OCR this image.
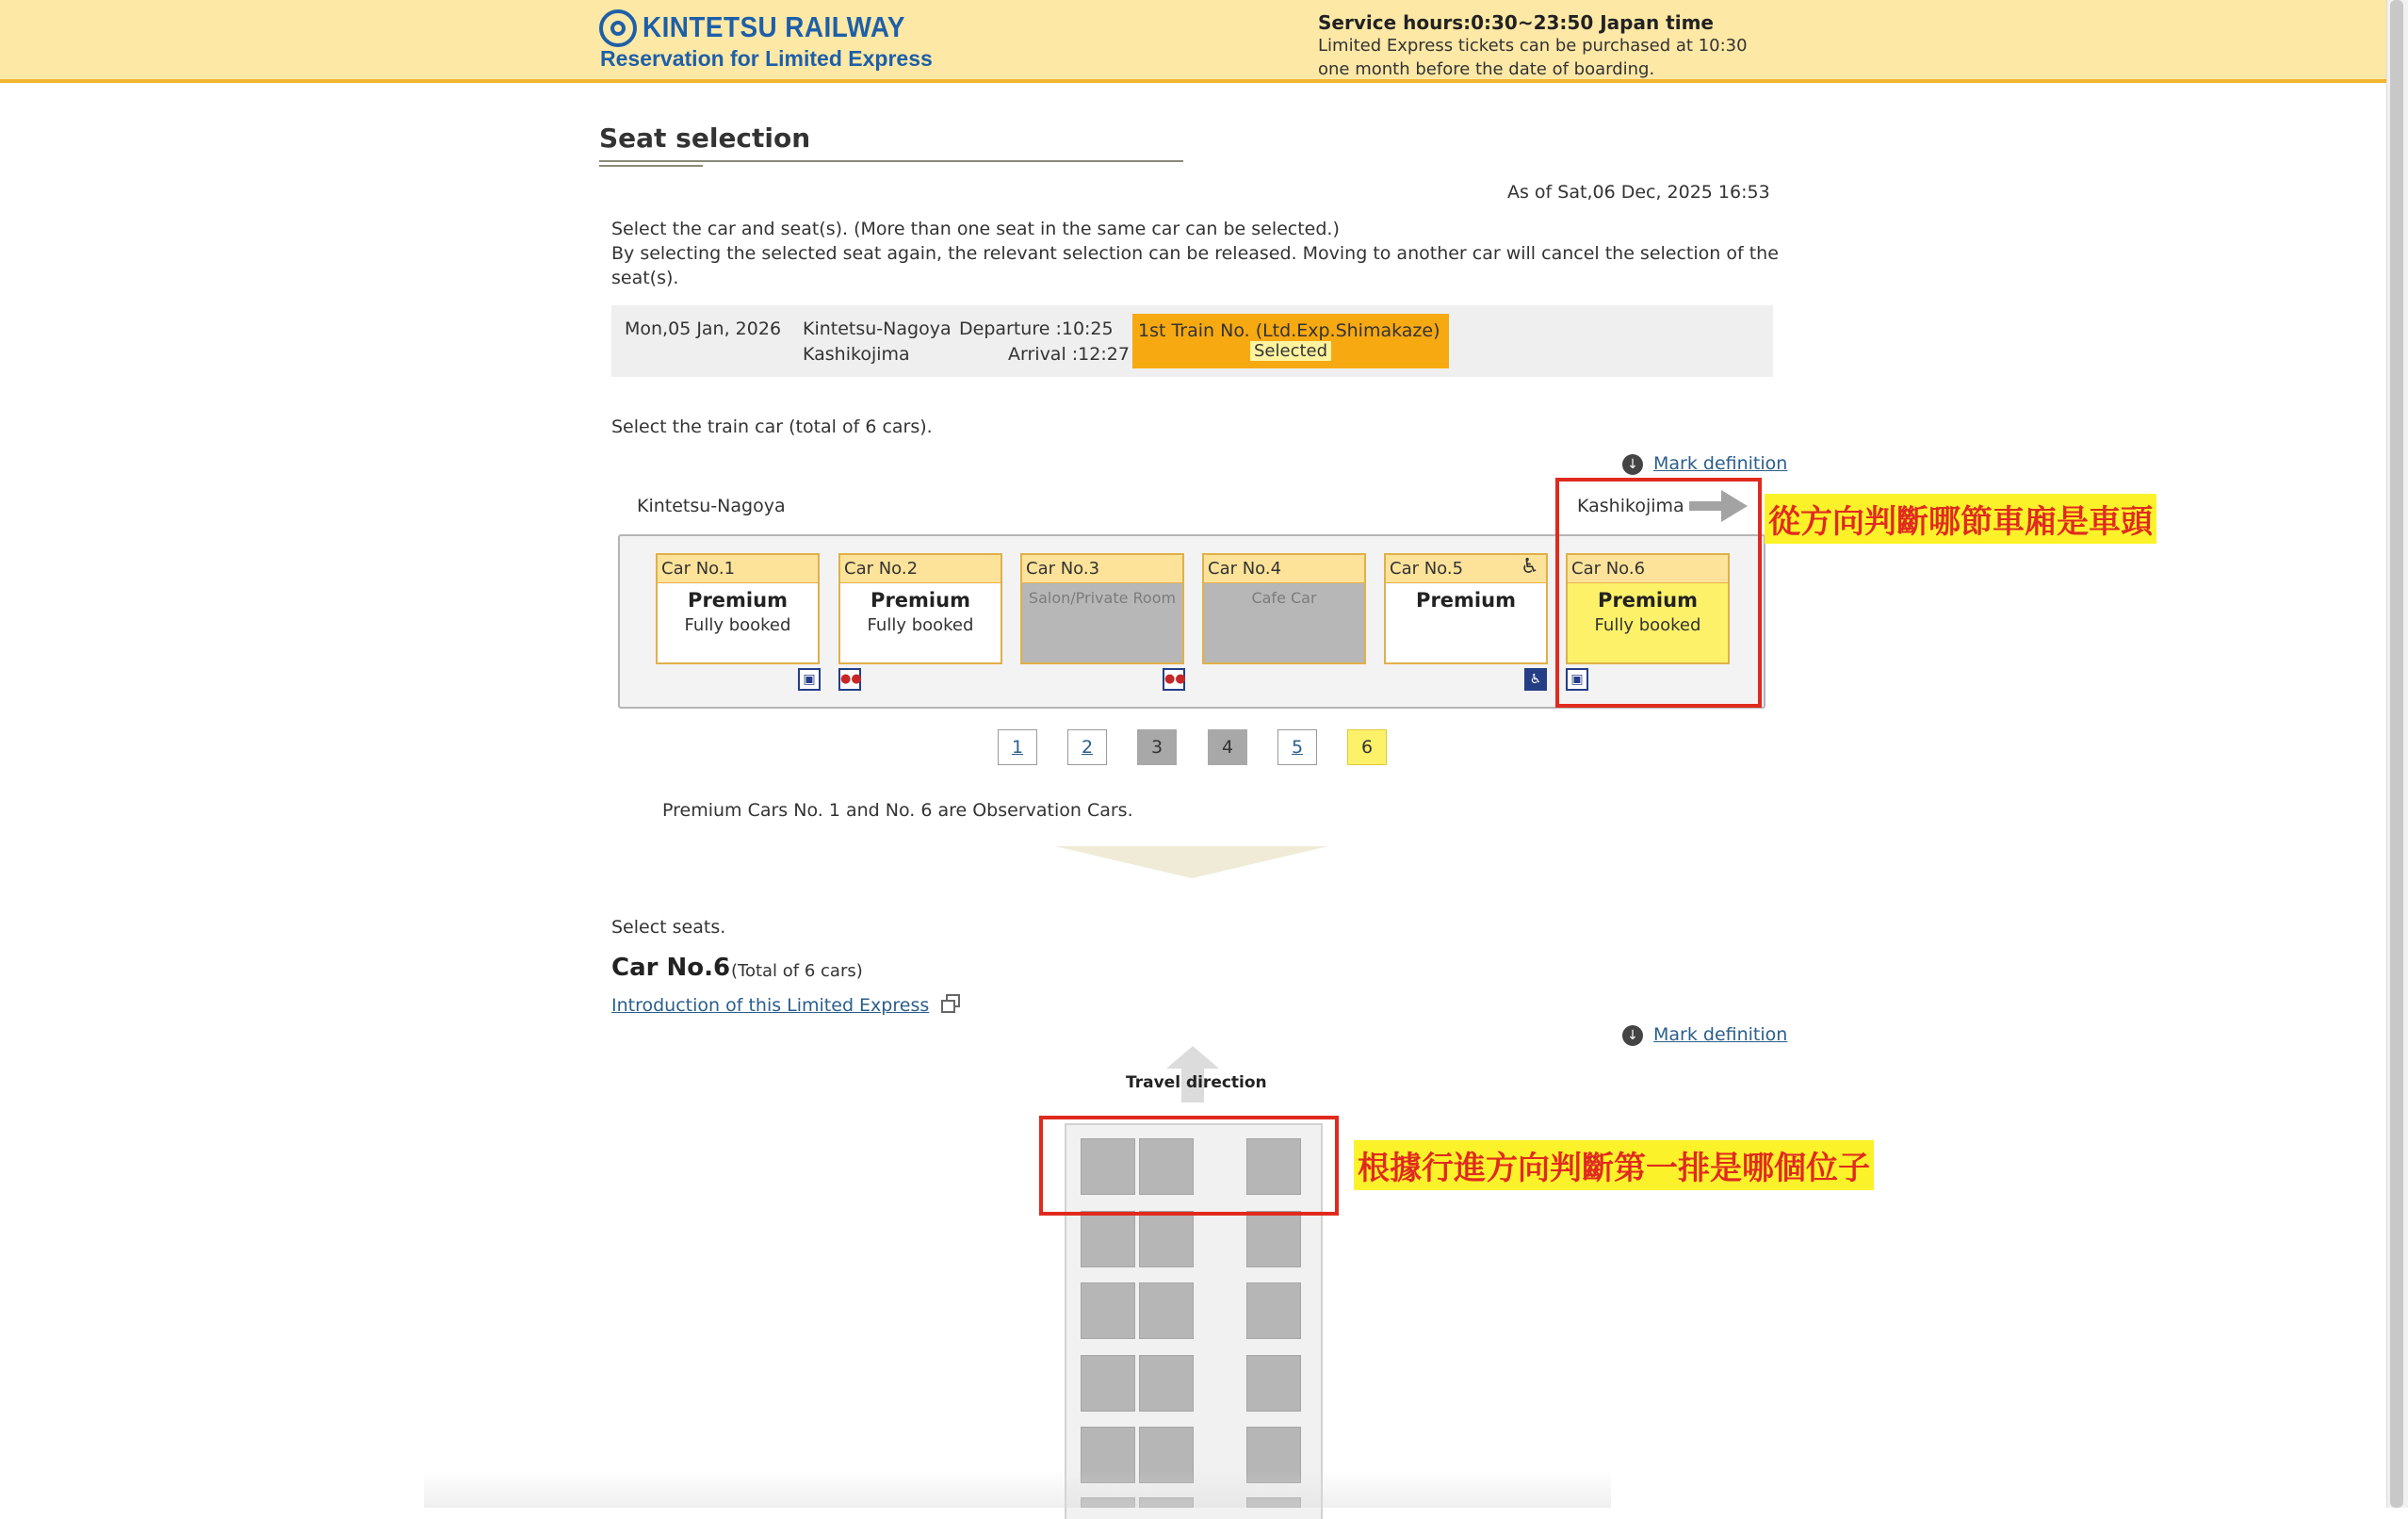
KINTETSU RAILWAY
Reservation for Limited Express
Service hours:0:30~23:50 Japan time
Limited Express tickets can be purchased at 10:30
one month before the date of boarding.
Seat selection
As of Sat,06 Dec, 2025 16:53
Select the car and seat(s). (More than one seat in the same car can be selected.)
By selecting the selected seat again, the relevant selection can be released. Moving to another car will cancel the selection of the
seat(s).
Mon,05 Jan, 2026 Kintetsu-Nagoya Departure :10:25
Kashikojima	Arrival :12:27
1st Train No. (Ltd.Exp.Shimakaze)
Selected
Select the train car (total of 6 cars).
↓ Mark definition
Kintetsu-Nagoya	Kashikojima
Car No.1
Premium
Fully booked
▣
Car No.2
Premium
Fully booked
●●
Car No.3
Salon/Private Room
●●
Car No.4
Cafe Car
Car No.5
Premium
♿
♿
Car No.6
Premium
Fully booked
▣
1	2	3	4	5	6
Premium Cars No. 1 and No. 6 are Observation Cars.
Select seats.
Car No.6 (Total of 6 cars)
Introduction of this Limited Express
↓ Mark definition
Travel direction
從方向判斷哪節車廂是車頭
根據行進方向判斷第一排是哪個位子
